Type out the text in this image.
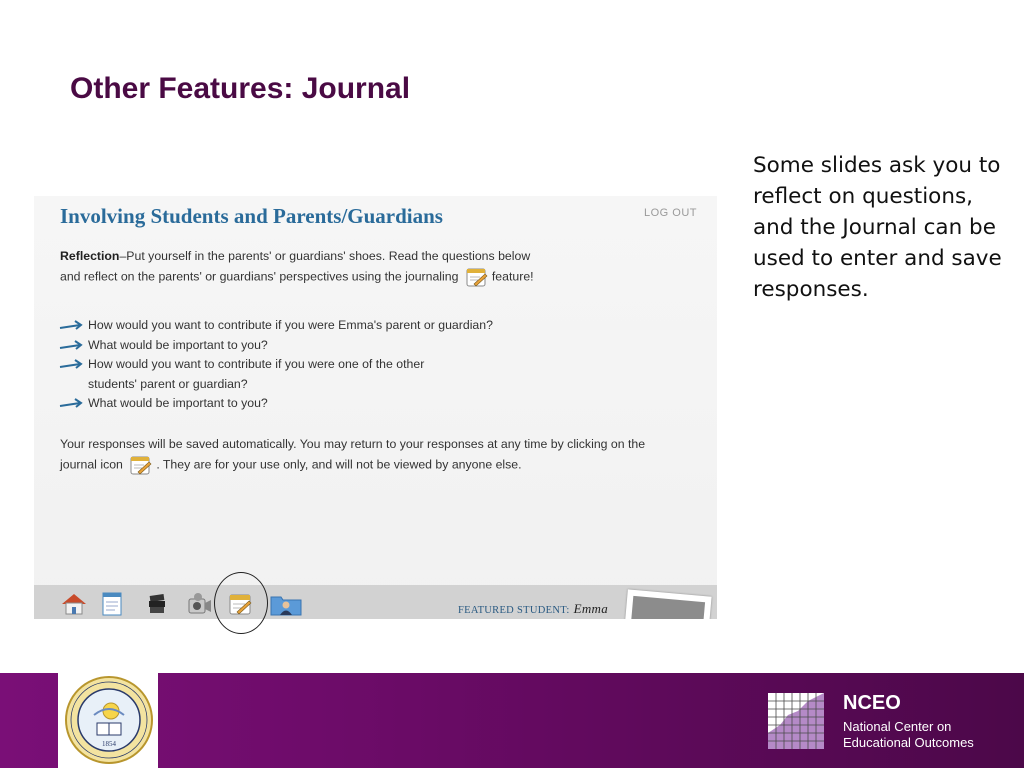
Other Features: Journal

Some slides ask you to reflect on questions, and the Journal can be used to enter and save responses.

Involving Students and Parents/Guardians	LOG OUT
Reflection–Put yourself in the parents' or guardians' shoes. Read the questions below
and reflect on the parents' or guardians' perspectives using the journaling	feature!
How would you want to contribute if you were Emma's parent or guardian?
What would be important to you?
How would you want to contribute if you were one of the other
students' parent or guardian?
What would be important to you?
Your responses will be saved automatically. You may return to your responses at any time by clicking on the
journal icon	. They are for your use only, and will not be viewed by anyone else.
FEATURED STUDENT: Emma
1854

NCEO

National Center on
Educational Outcomes
